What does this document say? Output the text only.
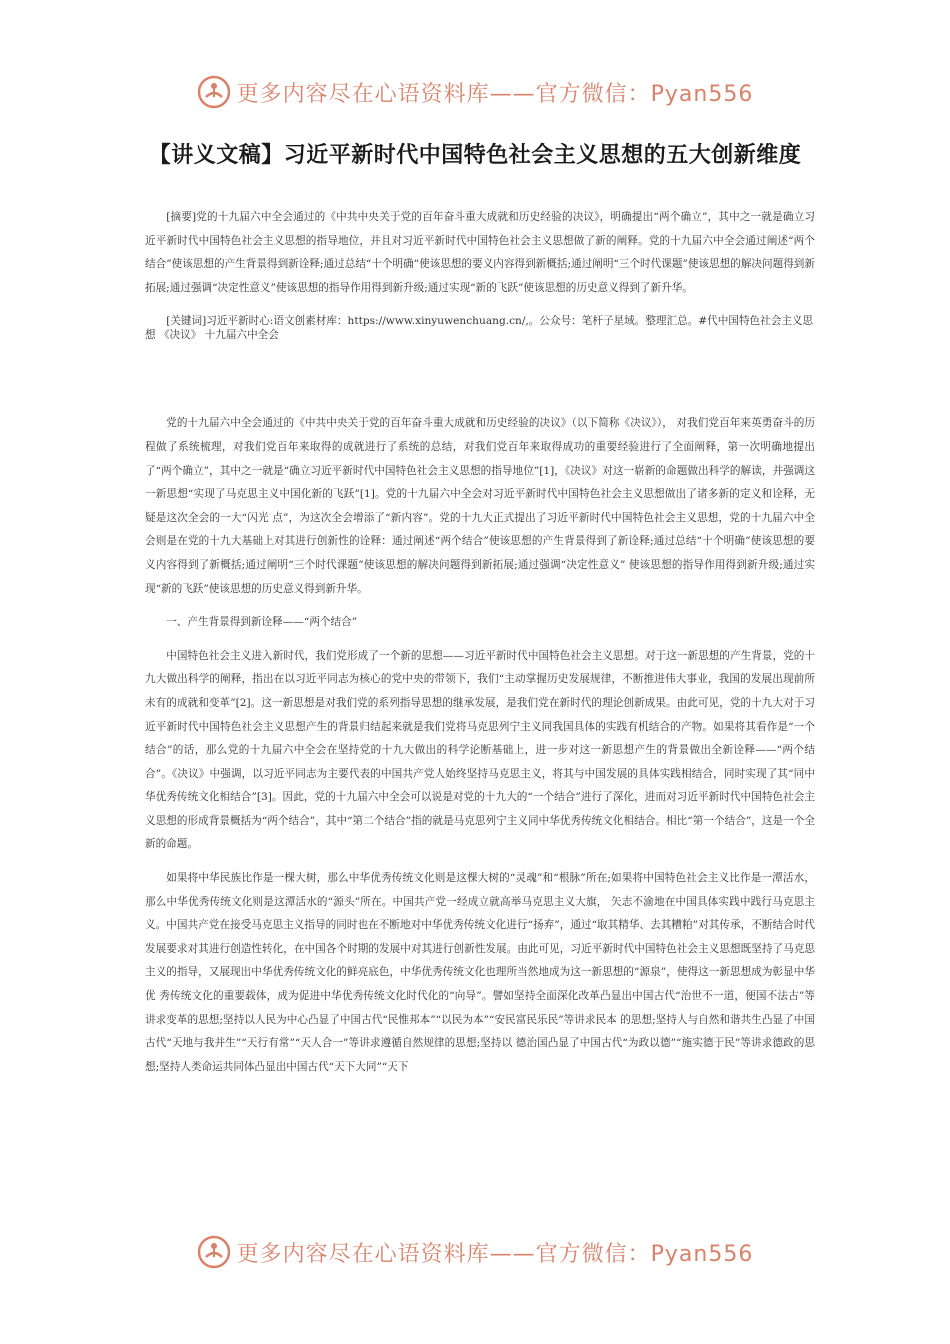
更多内容尽在心语资料库——官方微信：Pyan556
【讲义文稿】习近平新时代中国特色社会主义思想的五大创新维度

[摘要]党的十九届六中全会通过的《中共中央关于党的百年奋斗重大成就和历史经验的决议》，明确提出“两个确立”，其中之一就是确立习近平新时代中国特色社会主义思想的指导地位，并且对习近平新时代中国特色社会主义思想做了新的阐释。党的十九届六中全会通过阐述“两个结合”使该思想的产生背景得到新诠释;通过总结“十个明确”使该思想的要义内容得到新概括;通过阐明“三个时代课题”使该思想的解决问题得到新拓展;通过强调“决定性意义”使该思想的指导作用得到新升级;通过实现“新的飞跃”使该思想的历史意义得到了新升华。

[关键词]习近平新时心:语文创素材库：https://www.xinyuwenchuang.cn/,。公众号：笔杆子星域。整理汇总。#代中国特色社会主义思想 《决议》 十九届六中全会

党的十九届六中全会通过的《中共中央关于党的百年奋斗重大成就和历史经验的决议》（以下简称《决议》）， 对我们党百年来英勇奋斗的历程做了系统梳理，对我们党百年来取得的成就进行了系统的总结，对我们党百年来取得成功的重要经验进行了全面阐释，第一次明确地提出了“两个确立”，其中之一就是“确立习近平新时代中国特色社会主义思想的指导地位”[1]，《决议》对这一崭新的命题做出科学的解读，并强调这一新思想“实现了马克思主义中国化新的飞跃”[1]。党的十九届六中全会对习近平新时代中国特色社会主义思想做出了诸多新的定义和诠释，无疑是这次全会的一大“闪光 点”，为这次全会增添了“新内容”。党的十九大正式提出了习近平新时代中国特色社会主义思想，党的十九届六中全会则是在党的十九大基础上对其进行创新性的诠释：通过阐述“两个结合”使该思想的产生背景得到了新诠释;通过总结“十个明确”使该思想的要义内容得到了新概括;通过阐明“三个时代课题”使该思想的解决问题得到新拓展;通过强调“决定性意义” 使该思想的指导作用得到新升级;通过实现“新的飞跃”使该思想的历史意义得到新升华。

一、产生背景得到新诠释——“两个结合”

中国特色社会主义进入新时代，我们党形成了一个新的思想——习近平新时代中国特色社会主义思想。对于这一新思想的产生背景，党的十九大做出科学的阐释，指出在以习近平同志为核心的党中央的带领下，我们“主动掌握历史发展规律，不断推进伟大事业，我国的发展出现前所未有的成就和变革”[2]。这一新思想是对我们党的系列指导思想的继承发展，是我们党在新时代的理论创新成果。由此可见，党的十九大对于习近平新时代中国特色社会主义思想产生的背景归结起来就是我们党将马克思列宁主义同我国具体的实践有机结合的产物。如果将其看作是“一个结合”的话，那么党的十九届六中全会在坚持党的十九大做出的科学论断基础上，进一步对这一新思想产生的背景做出全新诠释——“两个结合”。《决议》中强调，以习近平同志为主要代表的中国共产党人始终坚持马克思主义，将其与中国发展的具体实践相结合，同时实现了其“同中华优秀传统文化相结合”[3]。因此，党的十九届六中全会可以说是对党的十九大的“一个结合”进行了深化，进而对习近平新时代中国特色社会主义思想的形成背景概括为“两个结合”，其中“第二个结合”指的就是马克思列宁主义同中华优秀传统文化相结合。相比“第一个结合”，这是一个全新的命题。

如果将中华民族比作是一棵大树，那么中华优秀传统文化则是这棵大树的“灵魂”和“根脉”所在;如果将中国特色社会主义比作是一潭活水，那么中华优秀传统文化则是这潭活水的“源头”所在。中国共产党一经成立就高举马克思主义大旗， 矢志不渝地在中国具体实践中践行马克思主义。中国共产党在接受马克思主义指导的同时也在不断地对中华优秀传统文化进行“扬弃”，通过“取其精华、去其糟粕”对其传承，不断结合时代发展要求对其进行创造性转化，在中国各个时期的发展中对其进行创新性发展。由此可见，习近平新时代中国特色社会主义思想既坚持了马克思主义的指导，又展现出中华优秀传统文化的鲜亮底色，中华优秀传统文化也理所当然地成为这一新思想的“源泉”，使得这一新思想成为彰显中华优 秀传统文化的重要载体，成为促进中华优秀传统文化时代化的“向导”。譬如坚持全面深化改革凸显出中国古代“治世不一道，便国不法古”等讲求变革的思想;坚持以人民为中心凸显了中国古代“民惟邦本”“以民为本”“安民富民乐民”等讲求民本 的思想;坚持人与自然和谐共生凸显了中国古代“天地与我并生”“天行有常”“天人合一”等讲求遵循自然规律的思想;坚持以 德治国凸显了中国古代“为政以德”“施实德于民”等讲求德政的思想;坚持人类命运共同体凸显出中国古代“天下大同”“天下

更多内容尽在心语资料库——官方微信：Pyan556
